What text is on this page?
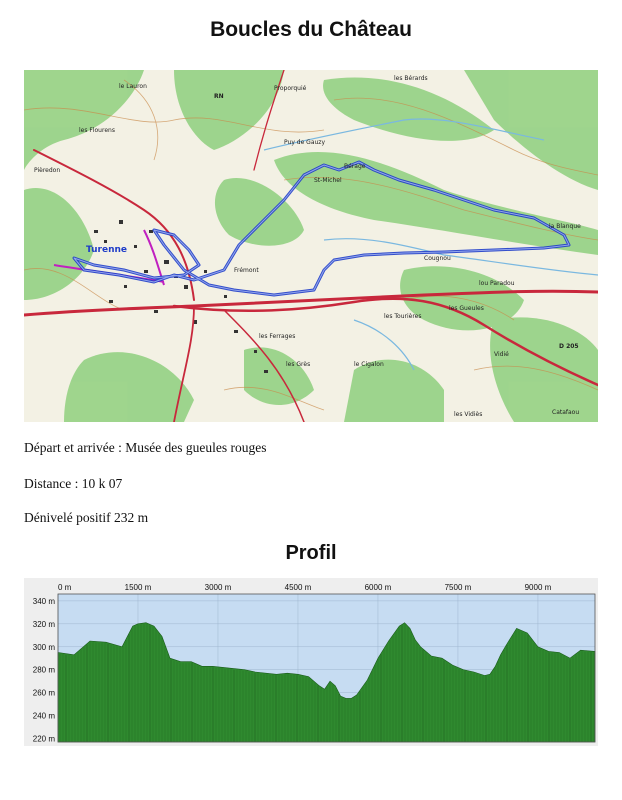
Boucles du Château
le Lauron	Proporquié
les Bérards
les Flourens
Puy de Gauzy
Pièredon
St-Michel
Bérage
Turenne
Frémont
la Blanque
Cougnou
lou Paradou
les Gueules
les Tourières
les Ferrages
les Grès	le Cigalon
Vidié
les Vidiès	Catafaou
D 205
RN
Départ et arrivée : Musée des gueules rouges
Distance : 10 k 07
Dénivelé positif 232 m
Profil
0 m	1500 m	3000 m	4500 m	6000 m	7500 m	9000 m
340 m
320 m
300 m
280 m
260 m
240 m
220 m
